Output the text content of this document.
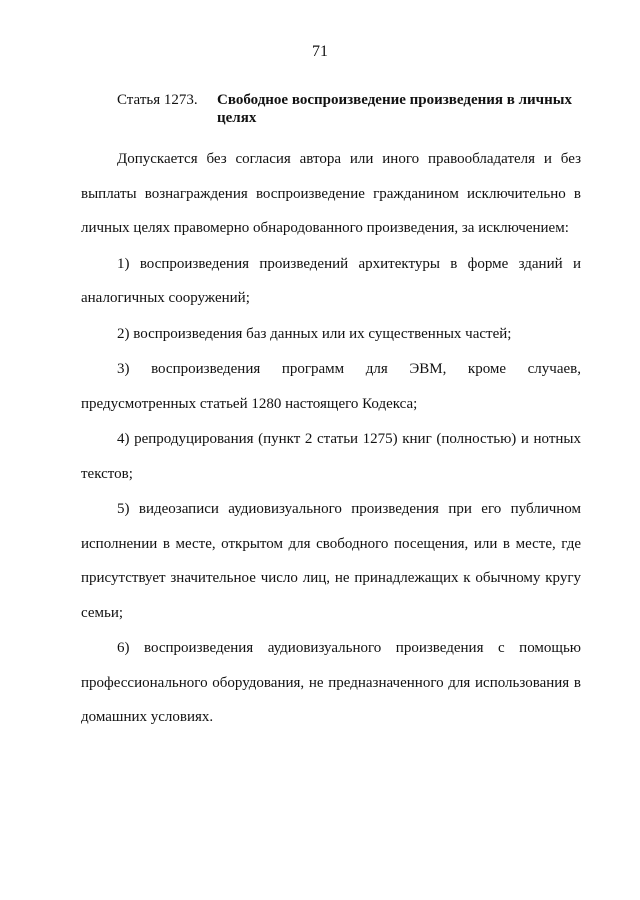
71
Статья 1273.	Свободное воспроизведение произведения в личных целях

Допускается без согласия автора или иного правообладателя и без выплаты вознаграждения воспроизведение гражданином исключительно в личных целях правомерно обнародованного произведения, за исключением:

1) воспроизведения произведений архитектуры в форме зданий и аналогичных сооружений;

2) воспроизведения баз данных или их существенных частей;

3) воспроизведения программ для ЭВМ, кроме случаев, предусмотренных статьей 1280 настоящего Кодекса;

4) репродуцирования (пункт 2 статьи 1275) книг (полностью) и нотных текстов;

5) видеозаписи аудиовизуального произведения при его публичном исполнении в месте, открытом для свободного посещения, или в месте, где присутствует значительное число лиц, не принадлежащих к обычному кругу семьи;

6) воспроизведения аудиовизуального произведения с помощью профессионального оборудования, не предназначенного для использования в домашних условиях.
